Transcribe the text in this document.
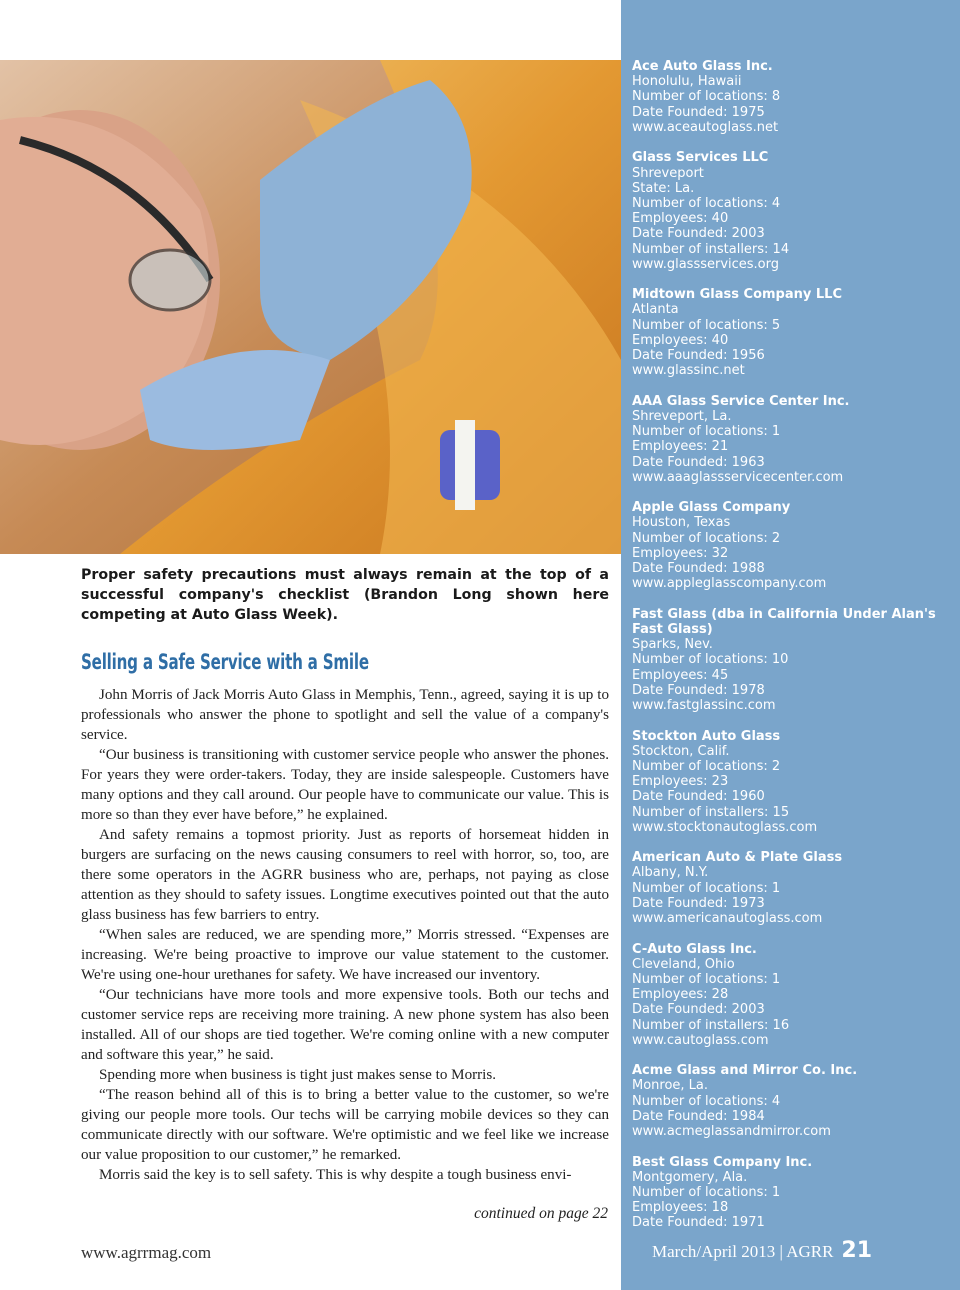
Proper safety precautions must always remain at the top of a successful company's checklist (Brandon Long shown here competing at Auto Glass Week).

Selling a Safe Service with a Smile

John Morris of Jack Morris Auto Glass in Memphis, Tenn., agreed, saying it is up to professionals who answer the phone to spotlight and sell the value of a company's service.

“Our business is transitioning with customer service people who answer the phones. For years they were order-takers. Today, they are inside salespeople. Customers have many options and they call around. Our people have to communicate our value. This is more so than they ever have before,” he explained.

And safety remains a topmost priority. Just as reports of horsemeat hidden in burgers are surfacing on the news causing consumers to reel with horror, so, too, are there some operators in the AGRR business who are, perhaps, not paying as close attention as they should to safety issues. Longtime executives pointed out that the auto glass business has few barriers to entry.

“When sales are reduced, we are spending more,” Morris stressed. “Expenses are increasing. We're being proactive to improve our value statement to the customer. We're using one-hour urethanes for safety. We have increased our inventory.

“Our technicians have more tools and more expensive tools. Both our techs and customer service reps are receiving more training. A new phone system has also been installed. All of our shops are tied together. We're coming online with a new computer and software this year,” he said.

Spending more when business is tight just makes sense to Morris.

“The reason behind all of this is to bring a better value to the customer, so we're giving our people more tools. Our techs will be carrying mobile devices so they can communicate directly with our software. We're optimistic and we feel like we increase our value proposition to our customer,” he remarked.

Morris said the key is to sell safety. This is why despite a tough business envi-

continued on page 22
www.agrrmag.com
Ace Auto Glass Inc.
Honolulu, Hawaii
Number of locations: 8
Date Founded: 1975
www.aceautoglass.net
Glass Services LLC
Shreveport
State: La.
Number of locations: 4
Employees: 40
Date Founded: 2003
Number of installers: 14
www.glassservices.org
Midtown Glass Company LLC
Atlanta
Number of locations: 5
Employees: 40
Date Founded: 1956
www.glassinc.net
AAA Glass Service Center Inc.
Shreveport, La.
Number of locations: 1
Employees: 21
Date Founded: 1963
www.aaaglassservicecenter.com
Apple Glass Company
Houston, Texas
Number of locations: 2
Employees: 32
Date Founded: 1988
www.appleglasscompany.com
Fast Glass (dba in California Under Alan's Fast Glass)
Sparks, Nev.
Number of locations: 10
Employees: 45
Date Founded: 1978
www.fastglassinc.com
Stockton Auto Glass
Stockton, Calif.
Number of locations: 2
Employees: 23
Date Founded: 1960
Number of installers: 15
www.stocktonautoglass.com
American Auto & Plate Glass
Albany, N.Y.
Number of locations: 1
Date Founded: 1973
www.americanautoglass.com
C-Auto Glass Inc.
Cleveland, Ohio
Number of locations: 1
Employees: 28
Date Founded: 2003
Number of installers: 16
www.cautoglass.com
Acme Glass and Mirror Co. Inc.
Monroe, La.
Number of locations: 4
Date Founded: 1984
www.acmeglassandmirror.com
Best Glass Company Inc.
Montgomery, Ala.
Number of locations: 1
Employees: 18
Date Founded: 1971
March/April 2013 | AGRR 21
